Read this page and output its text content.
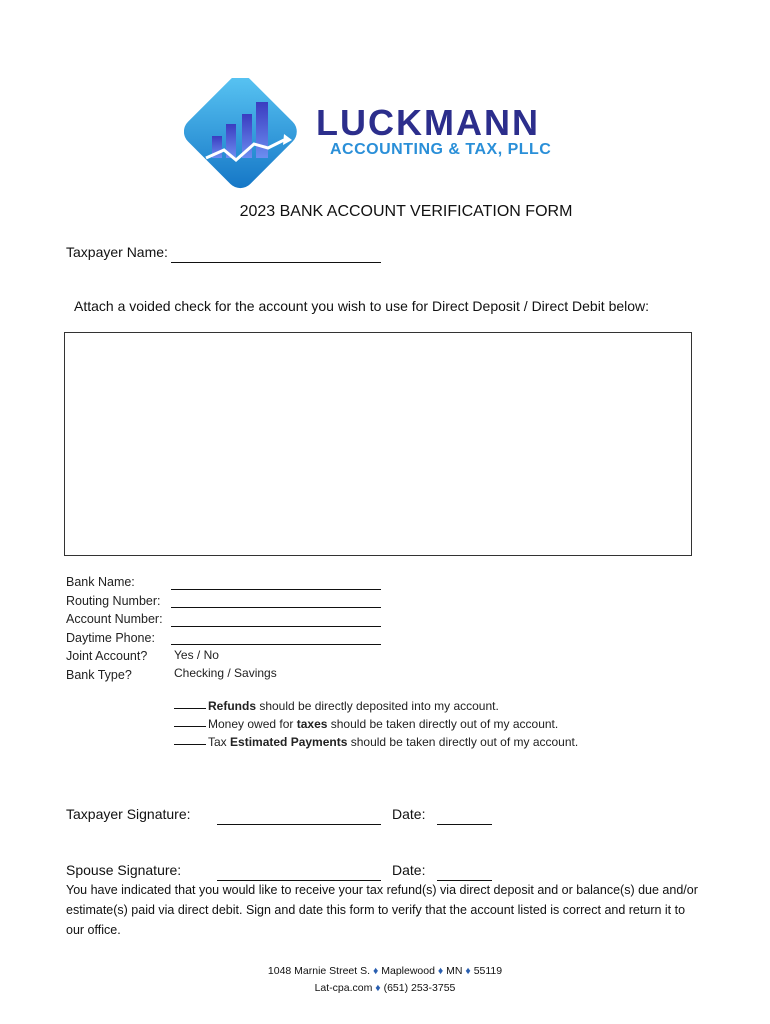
LUCKMANN
ACCOUNTING & TAX, PLLC
2023 BANK ACCOUNT VERIFICATION FORM
Taxpayer Name:
Attach a voided check for the account you wish to use for Direct Deposit / Direct Debit below:
Bank Name:
Routing Number:
Account Number:
Daytime Phone:
Joint Account?
Bank Type?
Yes / No
Checking / Savings
Refunds should be directly deposited into my account.
Money owed for taxes should be taken directly out of my account.
Tax Estimated Payments should be taken directly out of my account.
Taxpayer Signature:	Date:
Spouse Signature:	Date:
You have indicated that you would like to receive your tax refund(s) via direct deposit and or balance(s) due and/or estimate(s) paid via direct debit. Sign and date this form to verify that the account listed is correct and return it to our office.
1048 Marnie Street S. ♦ Maplewood ♦ MN ♦ 55119
Lat-cpa.com ♦ (651) 253-3755
